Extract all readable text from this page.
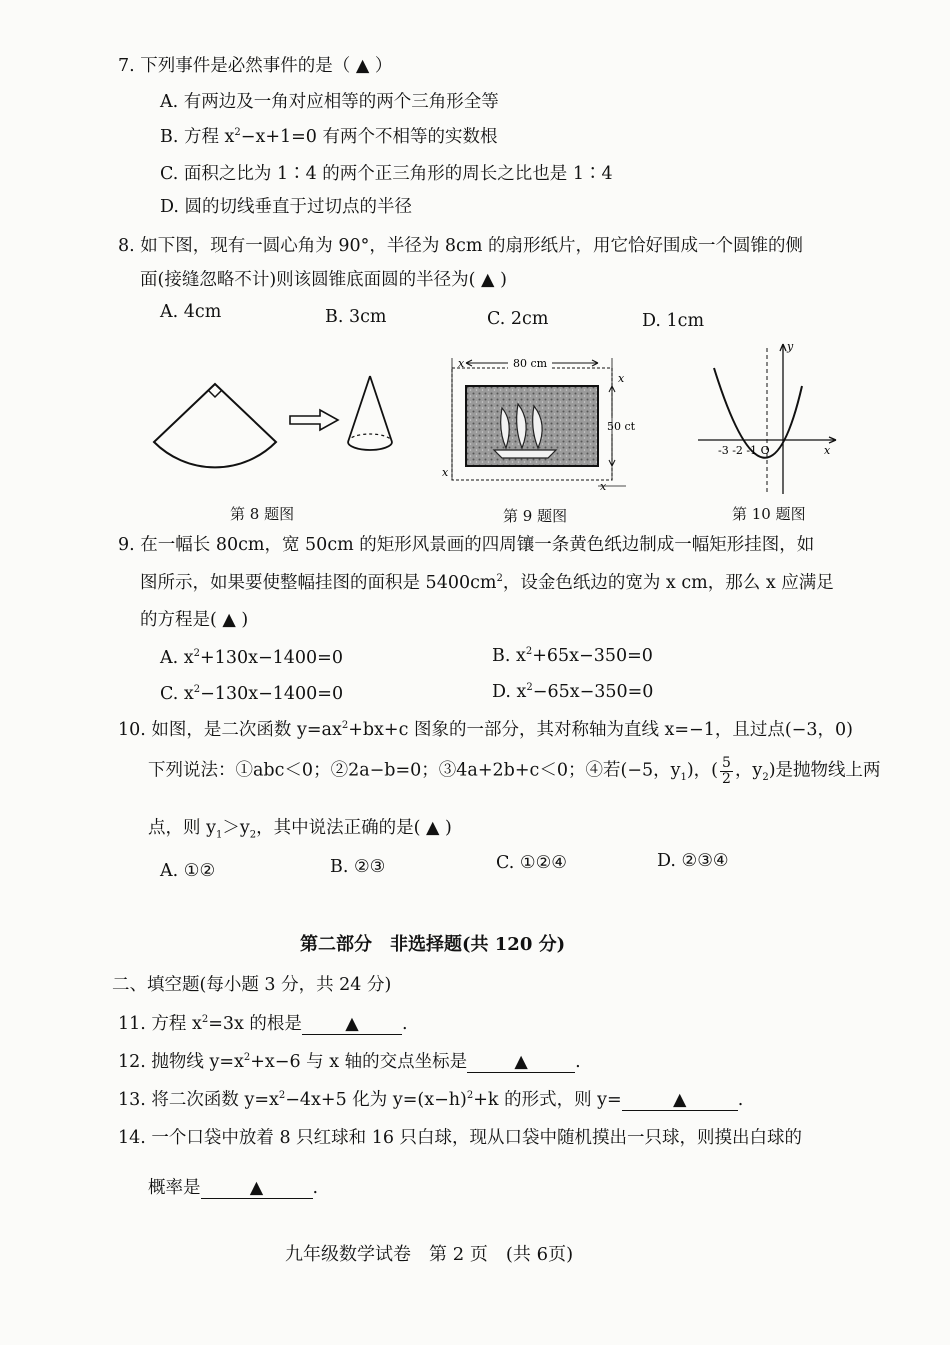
7. 下列事件是必然事件的是（ ▲ ）
A. 有两边及一角对应相等的两个三角形全等
B. 方程 $x^2-x+1=0$ 有两个不相等的实数根
C. 面积之比为 1∶4 的两个正三角形的周长之比也是 1∶4
D. 圆的切线垂直于过切点的半径
8. 如下图，现有一圆心角为 90°，半径为 8cm 的扇形纸片，用它恰好围成一个圆锥的侧
面(接缝忽略不计)则该圆锥底面圆的半径为( ▲ )
A. 4cm	B. 3cm	C. 2cm	D. 1cm
80 cm
50 ct
x
x
x
x
y
x
-3 -2 -1 O
第 8 题图	第 9 题图	第 10 题图
9. 在一幅长 80cm，宽 50cm 的矩形风景画的四周镶一条黄色纸边制成一幅矩形挂图，如
图所示，如果要使整幅挂图的面积是 $5400cm^2$，设金色纸边的宽为 x cm，那么 x 应满足
的方程是( ▲ )
A. $x^2+130x-1400=0$	B. $x^2+65x-350=0$
C. $x^2-130x-1400=0$	D. $x^2-65x-350=0$
10. 如图，是二次函数 $y=ax^2+bx+c$ 图象的一部分，其对称轴为直线 x=−1，且过点(−3，0)
下列说法：①abc＜0；②2a−b=0；③4a+2b+c＜0；④若(−5，$y_1$)，( $\frac{5}{2}$ ，$y_2$)是抛物线上两
点，则 $y_1>y_2$，其中说法正确的是( ▲ )
A. ①②	B. ②③	C. ①②④	D. ②③④
第二部分　非选择题(共 120 分)
二、填空题(每小题 3 分，共 24 分)
11. 方程 $x^2=3x$ 的根是 ▲ .
12. 抛物线 $y=x^2+x-6$ 与 x 轴的交点坐标是	▲	.
13. 将二次函数 $y=x^2-4x+5$ 化为 $y=(x-h)^2+k$ 的形式，则 y=	▲	.
14. 一个口袋中放着 8 只红球和 16 只白球，现从口袋中随机摸出一只球，则摸出白球的
概率是	▲	.
九年级数学试卷　第 2 页　(共 6页)
